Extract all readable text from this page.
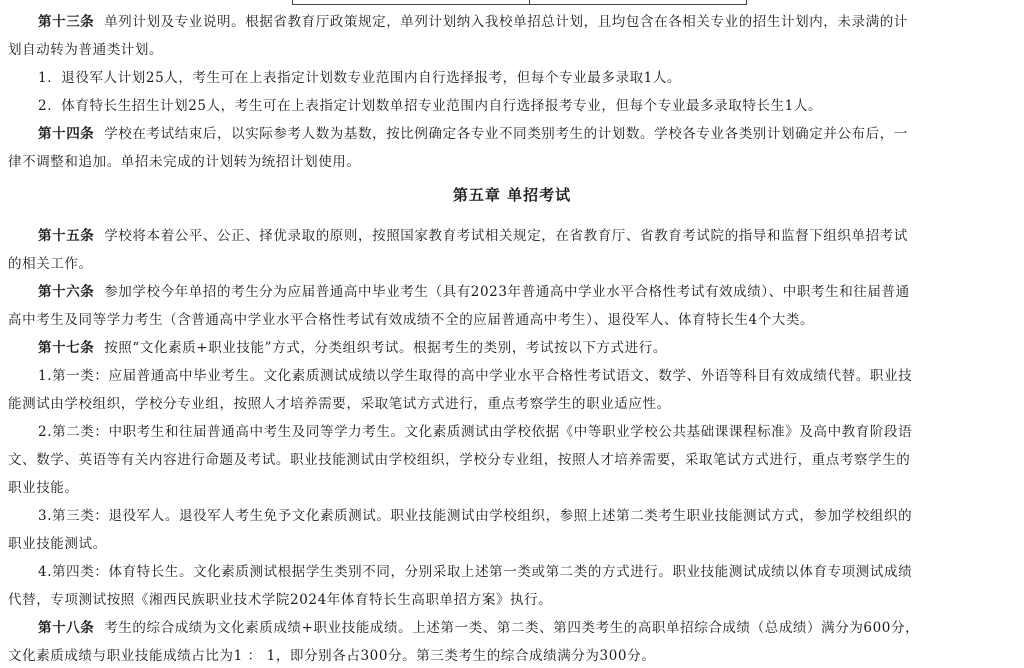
第十三条 单列计划及专业说明。根据省教育厅政策规定，单列计划纳入我校单招总计划，且均包含在各相关专业的招生计划内，未录满的计
划自动转为普通类计划。
1．退役军人计划25人，考生可在上表指定计划数专业范围内自行选择报考，但每个专业最多录取1人。
2．体育特长生招生计划25人，考生可在上表指定计划数单招专业范围内自行选择报考专业，但每个专业最多录取特长生1人。
第十四条 学校在考试结束后，以实际参考人数为基数，按比例确定各专业不同类别考生的计划数。学校各专业各类别计划确定并公布后，一
律不调整和追加。单招未完成的计划转为统招计划使用。
第五章 单招考试
第十五条 学校将本着公平、公正、择优录取的原则，按照国家教育考试相关规定，在省教育厅、省教育考试院的指导和监督下组织单招考试
的相关工作。
第十六条 参加学校今年单招的考生分为应届普通高中毕业考生（具有2023年普通高中学业水平合格性考试有效成绩）、中职考生和往届普通
高中考生及同等学力考生（含普通高中学业水平合格性考试有效成绩不全的应届普通高中考生）、退役军人、体育特长生4个大类。
第十七条 按照“文化素质+职业技能”方式，分类组织考试。根据考生的类别，考试按以下方式进行。
1.第一类：应届普通高中毕业考生。文化素质测试成绩以学生取得的高中学业水平合格性考试语文、数学、外语等科目有效成绩代替。职业技
能测试由学校组织，学校分专业组，按照人才培养需要，采取笔试方式进行，重点考察学生的职业适应性。
2.第二类：中职考生和往届普通高中考生及同等学力考生。文化素质测试由学校依据《中等职业学校公共基础课课程标准》及高中教育阶段语
文、数学、英语等有关内容进行命题及考试。职业技能测试由学校组织，学校分专业组，按照人才培养需要，采取笔试方式进行，重点考察学生的
职业技能。
3.第三类：退役军人。退役军人考生免予文化素质测试。职业技能测试由学校组织，参照上述第二类考生职业技能测试方式，参加学校组织的
职业技能测试。
4.第四类：体育特长生。文化素质测试根据学生类别不同，分别采取上述第一类或第二类的方式进行。职业技能测试成绩以体育专项测试成绩
代替，专项测试按照《湘西民族职业技术学院2024年体育特长生高职单招方案》执行。
第十八条 考生的综合成绩为文化素质成绩+职业技能成绩。上述第一类、第二类、第四类考生的高职单招综合成绩（总成绩）满分为600分，
文化素质成绩与职业技能成绩占比为1 ： 1，即分别各占300分。第三类考生的综合成绩满分为300分。
